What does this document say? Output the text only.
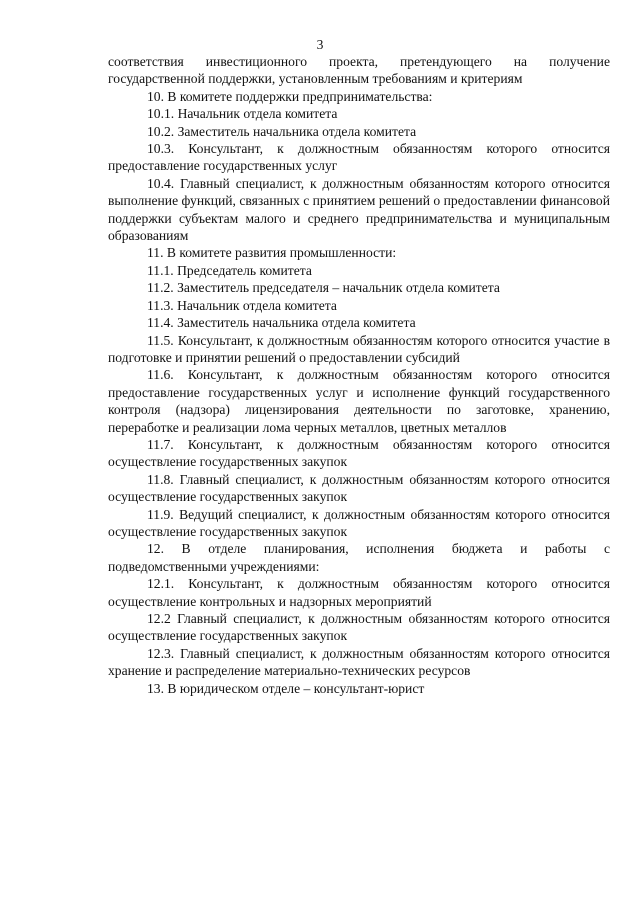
3

соответствия инвестиционного проекта, претендующего на получение

государственной поддержки, установленным требованиям и критериям

10. В комитете поддержки предпринимательства:

10.1. Начальник отдела комитета

10.2. Заместитель начальника отдела комитета

10.3. Консультант, к должностным обязанностям которого относится предоставление государственных услуг

10.4. Главный специалист, к должностным обязанностям которого относится выполнение функций, связанных с принятием решений о предоставлении финансовой поддержки субъектам малого и среднего предпринимательства и муниципальным образованиям

11. В комитете развития промышленности:

11.1. Председатель комитета

11.2. Заместитель председателя – начальник отдела комитета

11.3. Начальник отдела комитета

11.4. Заместитель начальника отдела комитета

11.5. Консультант, к должностным обязанностям которого относится участие в подготовке и принятии решений о предоставлении субсидий

11.6. Консультант, к должностным обязанностям которого относится предоставление государственных услуг и исполнение функций государственного контроля (надзора) лицензирования деятельности по заготовке, хранению, переработке и реализации лома черных металлов, цветных металлов

11.7. Консультант, к должностным обязанностям которого относится осуществление государственных закупок

11.8. Главный специалист, к должностным обязанностям которого относится осуществление государственных закупок

11.9. Ведущий специалист, к должностным обязанностям которого относится осуществление государственных закупок

12. В отделе планирования, исполнения бюджета и работы с подведомственными учреждениями:

12.1. Консультант, к должностным обязанностям которого относится осуществление контрольных и надзорных мероприятий

12.2 Главный специалист, к должностным обязанностям которого относится осуществление государственных закупок

12.3. Главный специалист, к должностным обязанностям которого относится хранение и распределение материально-технических ресурсов

13. В юридическом отделе – консультант-юрист
